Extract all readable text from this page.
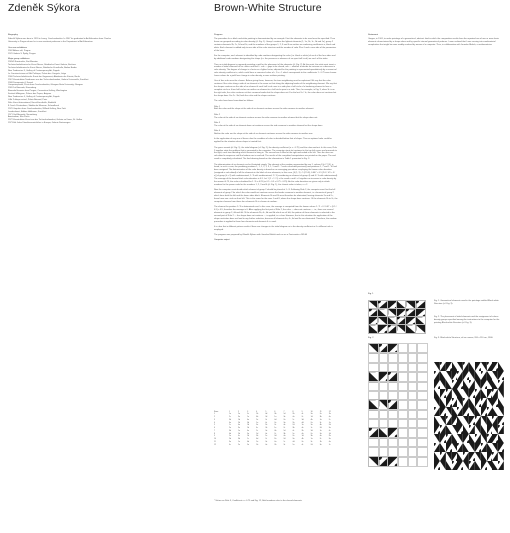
Zdeněk Sýkora	Brown-White Structure
Biography

Zdeněk Sýkora was born in 1920 in Louny, Czechoslovakia. In 1947 he graduated in Art Education from Charles University in Prague where he is now assistant professor in the Department of Art Education.

One man exhibitions
1962 Alšova síň, Prague
1970 Galerie V. Špály, Prague
Major group exhibitions
1965/6 Konstrukte, Sint Maarten
Technischeelektronische Kunst Neuss, Städtische Kunst Galerie, Bochum
Technischelektronische Kunst Neuss, Städtische Kunsthalle, Baden Baden
New Tendencies II, Gallery of Contemporary Art, Zagreb
Le Constructivisme et l'Art Politique, Palais des Congrès, Liège
1966 Technischelektrische Kunst der Gegenwart, Akademie der Künste, Berlin
1967 Konstruktive Tendenzen aus der Tschechoslowakei, Galerie Universelle, Frankfurt
1968 Documenta 4, Kassel
Computerplastik, Prints from Czechoslovakia, Glasgow State University, Glasgow
1969 1st Biennale, Nuremberg
Biennale Hasenia from Prague, Convention Gallery, Washington
Festival d'Avignon, Palace des Papes, Avignon
New Tendencies 4, Gallery of Contemporary Art, Zagreb
L'Art Tchèque actuel, Palais Beinard, Paris
Ruhr Kunst International, Ernst-Kunsthalle, Bielefeld
8 Czech Printmakers, Städtische Museum, Schwalbach
1970 Graphics from Czechoslovakia, Willard Gallery, New York
Landeskunst, Edition Hoffmann, Frankfurt
1971 2nd Biennale, Nuremberg
Amsterdam, São Paulo
1972 Konstruktive Kunst aus der Tschechoslowakei, Galerie an Ihmer, St. Gallen
1973 6th Jahre Künstlervereinfrüher in Europa, Galerie Dieterengen
Program

The procedure for a black and white painting is demonstrated by an example. First the elements to be used must be specified. Then these are grouped according to color density (cf. Fig. 1). Group I contains the lightest elements (1, 1a, 1b, 1c, 1d and 1e), group 2 contains elements 2b, 2c, 2d and 2e, and the numbers of the groups 1, 2, 3 and 4 are written as numbering coefficients n, black and white. Each element is added only to one side of the color structure and the number of color Plus-1 and a new side of the parameters of the base.

For the computer, each element is identified by code numbers designating the color (i.e. black or white) of each of the four sides and by additional code numbers designating the shape (i.e. the presence or absence of an open half circle) on each of the sides.

Then an initial diagram is prepared providing a grid for the placement of the elements (cf. Fig. 2). At this point, the artist must insert a number of initial elements of his choice and also: i. rule — gaps to be closed, rule — whether to decide an increase or a decrease in color density. The degree of change is a factor or a lighter factor, adjusted for the painting is represented quantitatively by a numerical color density coefficient n, which could have a numerical value of + 1 to - 1 which corresponds to the coefficients 1 - 0.75 was chosen. Lower values for n yield less change in color density, a more uniform painting.

One of four rules must be chosen. Before giving these, however, the term neighboring must be explained. We say that the color continue if the color along a side of an element is the same as that along the adjoining border of the neighboring element. We say that the shapes continue on the side of an element if each half circle runs to a side plus a half circle of a bordering element to form a complete circle or if two half circles are neither an element to a half circle open to a side. Thus, for example, in Fig. 3, when 3c is on the right side, the color continues at their common border but the shape does not. For the last 2e / 1c, the color does not continue but the shape does. For 2c / 4d, both the color and the shape continue.

The rules have been formulated as follows:

Rule 1
Both the color and the shape at the side of an element continue across the side common to another element.

Rule 2
The color at the side of an element continue across the side common to another element but the shape does not.

Rule 3
The color at the side of an element does not continue across the side common to another element but the shape does.

Rule 4
Neither the color nor the shape at the side of an element continues across the side common to another one.

In the application of any one of these rules the condition of color is decided before that of shape. Thus an optional color could be applied for the situation where shape is treated first.

The grace rounds (cf. Fig. 1), the initial diagram (cf. Fig. 2), the density coefficient (n = - 0.75) and the rules-and-out. In this case, Rule 2 together state the problem that is presented to the computer. The computer starts its treatment in the top left corner and proceeds to the right, each time deciding which element to bring in. The second row is filled at the right and ended at its left. Thus the rows are calculated in sequence until the bottom row is reached. The results of the completed computations are printed on the paper. The end result is completely calculated. The final drawing based on the information in Table 1 presented in Fig. 3.

The determination of an element can be illustrated simply. The element at the position represented by row 1, column 8 (cf. T. B.) is found, in such a case, the predating positions 1, 1, 1, 2, 1, 3, 1, 5 and 1. 7 were calculated previously and positions 1, 7 and 1. 10 had been assigned. The determination of the color density is based on an averaging procedure: employing the known color densities (assigned or calculated) of all the elements in the block of nine elements; in this case, {0 (1, 3) - 5 (2.5.8), 0.667 + 0.5 (2.6 / 1/3 + 4 / n)} of group (k = 3) with undetermined, 1 / 3 with undetermined, 2 / 3 (considering an element of group 4) and 4 / 3 with undetermined). The average of the known black color densities is 0.5. Let 1 (1 + 1 / 1) = the result n and f = 0 signifies an increase in color density by the amount 0.75, the value calculated for 1 / 9 is 0.25 (or 0.5 - 0.5 = 0.75 - 0.25). As the color densities are given only in whole numbers for the power code for the numbers 1, 2, 3 and 4 (cf. Fig. 1), the closest value is taken, n = 2.

Now the computer must decide which element of group 2 should be placed at 1 - 8. Following Rule 2, the computer must first find all elements of group 2 for which the color would not continue across the border common to another element, i.e. elements of group 2 which have both the left and the lower sides black. Elements 2b and 2b must therefore be eliminated, leaving elements 2a and 2c; these have one circle on their left. This is the same for the rows 1 and 8, where the shape does continue. Of the elements 2b to 2c, the computer chooses from these four elements 2b is chosen at random.

The element for position 1 / 8 is determined next. In this case, the average is computed from the known values 1 / 2 + 0 / 0.67 + (0.5 / 0.5) = 0.5; therefore the average is 0. After applying the first part of Rule 2, the color — does not continue — i.e., there are several elements in group 2, 4d and 4d. Of the elements 2b, 4c, 4d and 4d which are all left, the pattern of these elements is selected in the second part of Rule 2 — the shape does not continue — is applied, in a clear. However, that in this situation the application of the shape restriction does not lead to any further selection, because all elements 4a, 4c, 4d and 4e are eliminated. Therefore, the random procedure is applied to those four elements and element 4c is used.

It is clear that a different picture results if there are changes in the initial diagram or in the density coefficient or if a different rule is employed.

The program was prepared by Zdeněk Sýkora with Jaroslav Blažek and run on a Zuniverzita a DR-Mi

Computer output
Rows	1	2	3	4	5	6	7	8	9	10	11	12
1	1a	2a	3c	2b	4d	3b	1d	2b	4c	3a	2e	1b
2	2c	3a	1e	4b	2d	1a	3e	4a	2c	1d	3b	4e
3	3b	1d	4a	2e	3c	4d	2a	1c	3d	4b	1a	2c
4	4e	2b	3d	1a	4c	2e	3a	1b	4d	2a	3c	1e
5	1c	4a	2d	3e	1b	3c	4e	2d	1a	3e	4b	2d
6	2a	3e	1b	4c	2b	1e	2c	3b	4e	1c	2d	3a
7	3d	1a	4e	2c	3a	4b	1d	4c	2b	3d	1e	4c
8	4b	2d	3a	1d	4e	2c	3b	1e	4a	2e	3a	1d
9	1e	4c	2b	3b	1a	3d	4a	2e	1d	3b	4e	2b
10	2d	3b	1c	4d	2c	1b	2d	3a	4b	1a	2c	3e
11	3a	1e	4d	2a	3e	4a	1c	4d	2e	3c	1b	4a
12	4c	2e	3e	1b	4a	2b	3c	1a	4c	2d	3e	1c
* Values on Rule 3, Coefficient n = 0.75 and Fig. 12, Bold numbers refer to the shroud elements.
Statement

I began, in 1961, to make paintings of a geometrical, abstract kind in which the composition results from the repeated use of one or more basic elements characterized by a shape alone and by specific internal geometrical patterns. I soon realized that I was running into combinatorial complexities that might be more readily resolved by means of a computer. Thus, in collaboration with Jaroslav Blažek, a mathematician

Fig. 1
Fig. 2
Fig. 1. Geometrical elements used in the paintings entitled Black-white Structure (cf. Fig. 3).
Fig. 2. The placement of initial elements and the assignment of colour-density groups specified among the instructions to the computer for the painting Black-white Structure (cf. Fig. 3).
Fig. 3. Black-white Structure, oil on canvas, 200 x 110 cm, 1966.
